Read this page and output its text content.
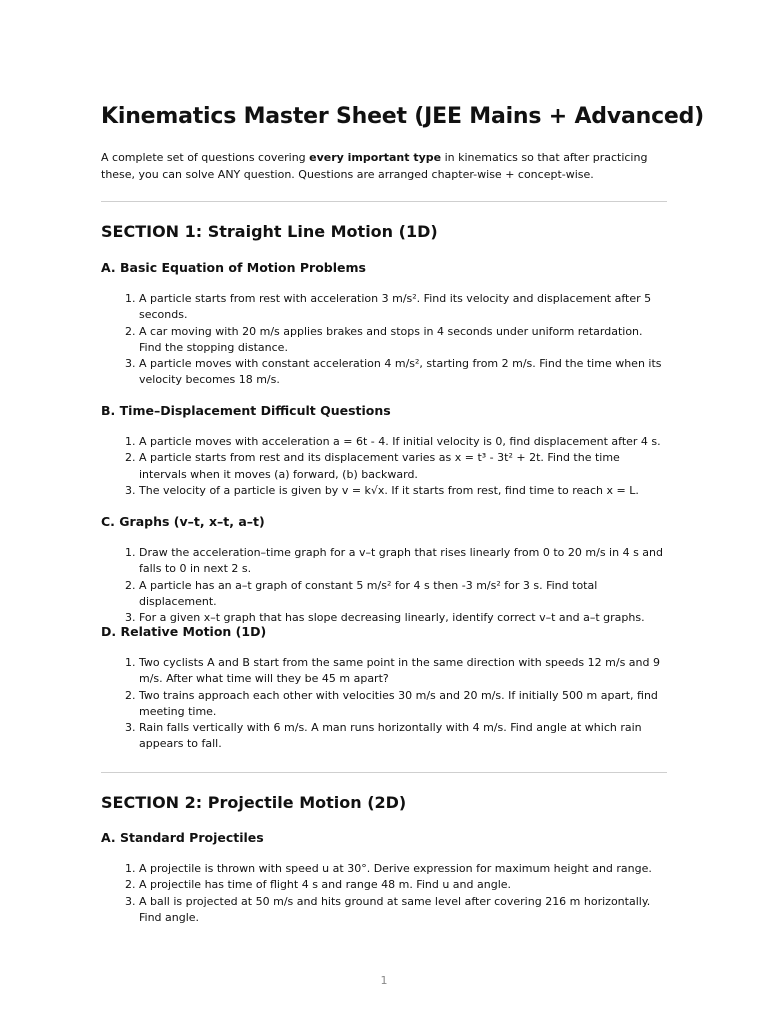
Kinematics Master Sheet (JEE Mains + Advanced)

A complete set of questions covering every important type in kinematics so that after practicing these, you can solve ANY question. Questions are arranged chapter-wise + concept-wise.

SECTION 1: Straight Line Motion (1D)
A. Basic Equation of Motion Problems
1. A particle starts from rest with acceleration 3 m/s². Find its velocity and displacement after 5 seconds.
2. A car moving with 20 m/s applies brakes and stops in 4 seconds under uniform retardation. Find the stopping distance.
3. A particle moves with constant acceleration 4 m/s², starting from 2 m/s. Find the time when its velocity becomes 18 m/s.
B. Time–Displacement Difficult Questions
1. A particle moves with acceleration a = 6t - 4. If initial velocity is 0, find displacement after 4 s.
2. A particle starts from rest and its displacement varies as x = t³ - 3t² + 2t. Find the time intervals when it moves (a) forward, (b) backward.
3. The velocity of a particle is given by v = k√x. If it starts from rest, find time to reach x = L.
C. Graphs (v–t, x–t, a–t)
1. Draw the acceleration–time graph for a v–t graph that rises linearly from 0 to 20 m/s in 4 s and falls to 0 in next 2 s.
2. A particle has an a–t graph of constant 5 m/s² for 4 s then -3 m/s² for 3 s. Find total displacement.
3. For a given x–t graph that has slope decreasing linearly, identify correct v–t and a–t graphs.
D. Relative Motion (1D)
1. Two cyclists A and B start from the same point in the same direction with speeds 12 m/s and 9 m/s. After what time will they be 45 m apart?
2. Two trains approach each other with velocities 30 m/s and 20 m/s. If initially 500 m apart, find meeting time.
3. Rain falls vertically with 6 m/s. A man runs horizontally with 4 m/s. Find angle at which rain appears to fall.
SECTION 2: Projectile Motion (2D)
A. Standard Projectiles
1. A projectile is thrown with speed u at 30°. Derive expression for maximum height and range.
2. A projectile has time of flight 4 s and range 48 m. Find u and angle.
3. A ball is projected at 50 m/s and hits ground at same level after covering 216 m horizontally. Find angle.
1
